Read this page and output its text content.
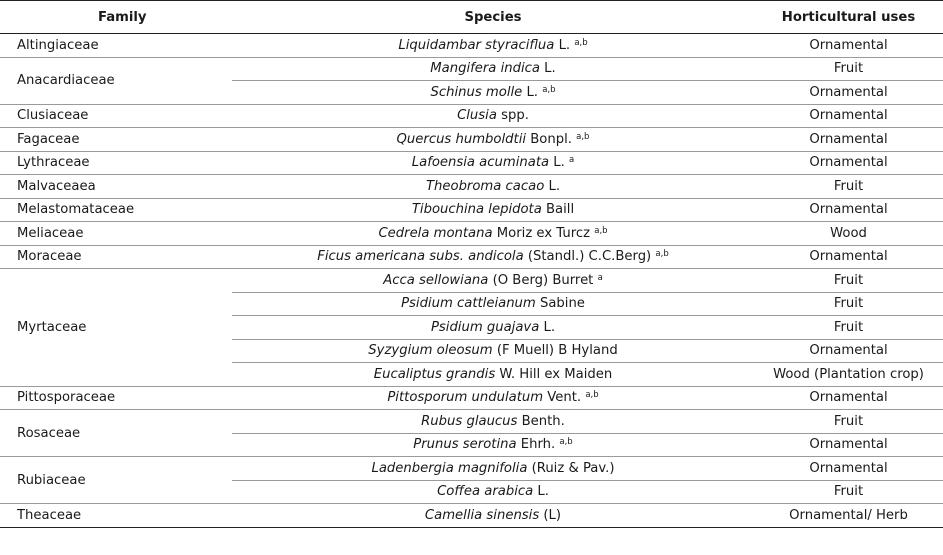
Family	Species	Horticultural uses
Altingiaceae	Liquidambar styraciflua L. $^{a,b}$	Ornamental
Anacardiaceae	Mangifera indica L.	Fruit
	Schinus molle L. $^{a,b}$	Ornamental
Clusiaceae	Clusia spp.	Ornamental
Fagaceae	Quercus humboldtii Bonpl. $^{a,b}$	Ornamental
Lythraceae	Lafoensia acuminata L. $^a$	Ornamental
Malvaceaea	Theobroma cacao L.	Fruit
Melastomataceae	Tibouchina lepidota Baill	Ornamental
Meliaceae	Cedrela montana Moriz ex Turcz $^{a,b}$	Wood
Moraceae	Ficus americana subs. andicola (Standl.) C.C.Berg) $^{a,b}$	Ornamental
Myrtaceae	Acca sellowiana (O Berg) Burret $^a$	Fruit
	Psidium cattleianum Sabine	Fruit
	Psidium guajava L.	Fruit
	Syzygium oleosum (F Muell) B Hyland	Ornamental
	Eucaliptus grandis W. Hill ex Maiden	Wood (Plantation crop)
Pittosporaceae	Pittosporum undulatum Vent. $^{a,b}$	Ornamental
Rosaceae	Rubus glaucus Benth.	Fruit
	Prunus serotina Ehrh. $^{a,b}$	Ornamental
Rubiaceae	Ladenbergia magnifolia (Ruiz & Pav.)	Ornamental
	Coffea arabica L.	Fruit
Theaceae	Camellia sinensis (L)	Ornamental/ Herb
